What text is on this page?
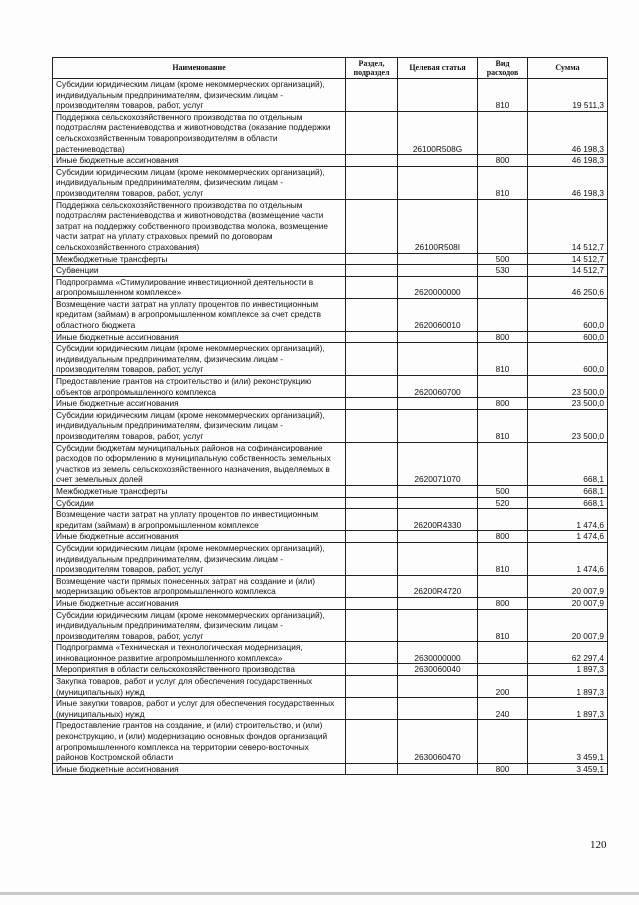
Наименование	Раздел, подраздел	Целевая статья	Вид расходов	Сумма
Субсидии юридическим лицам (кроме некоммерческих организаций), индивидуальным предпринимателям, физическим лицам - производителям товаров, работ, услуг			810	19 511,3
Поддержка сельскохозяйственного производства по отдельным подотраслям растениеводства и животноводства (оказание поддержки сельскохозяйственным товаропроизводителям в области растениеводства)		26100R508G		46 198,3
Иные бюджетные ассигнования			800	46 198,3
Субсидии юридическим лицам (кроме некоммерческих организаций), индивидуальным предпринимателям, физическим лицам - производителям товаров, работ, услуг			810	46 198,3
Поддержка сельскохозяйственного производства по отдельным подотраслям растениеводства и животноводства (возмещение части затрат на поддержку собственного производства молока, возмещение части затрат на уплату страховых премий по договорам сельскохозяйственного страхования)		26100R508I		14 512,7
Межбюджетные трансферты			500	14 512,7
Субвенции			530	14 512,7
Подпрограмма «Стимулирование инвестиционной деятельности в агропромышленном комплексе»		2620000000		46 250,6
Возмещение части затрат на уплату процентов по инвестиционным кредитам (займам) в агропромышленном комплексе за счет средств областного бюджета		2620060010		600,0
Иные бюджетные ассигнования			800	600,0
Субсидии юридическим лицам (кроме некоммерческих организаций), индивидуальным предпринимателям, физическим лицам - производителям товаров, работ, услуг			810	600,0
Предоставление грантов на строительство и (или) реконструкцию объектов агропромышленного комплекса		2620060700		23 500,0
Иные бюджетные ассигнования			800	23 500,0
Субсидии юридическим лицам (кроме некоммерческих организаций), индивидуальным предпринимателям, физическим лицам - производителям товаров, работ, услуг			810	23 500,0
Субсидии бюджетам муниципальных районов на софинансирование расходов по оформлению в муниципальную собственность земельных участков из земель сельскохозяйственного назначения, выделяемых в счет земельных долей		2620071070		668,1
Межбюджетные трансферты			500	668,1
Субсидии			520	668,1
Возмещение части затрат на уплату процентов по инвестиционным кредитам (займам) в агропромышленном комплексе		26200R4330		1 474,6
Иные бюджетные ассигнования			800	1 474,6
Субсидии юридическим лицам (кроме некоммерческих организаций), индивидуальным предпринимателям, физическим лицам - производителям товаров, работ, услуг			810	1 474,6
Возмещение части прямых понесенных затрат на создание и (или) модернизацию объектов агропромышленного комплекса		26200R4720		20 007,9
Иные бюджетные ассигнования			800	20 007,9
Субсидии юридическим лицам (кроме некоммерческих организаций), индивидуальным предпринимателям, физическим лицам - производителям товаров, работ, услуг			810	20 007,9
Подпрограмма «Техническая и технологическая модернизация, инновационное развитие агропромышленного комплекса»		2630000000		62 297,4
Мероприятия в области сельскохозяйственного производства		2630060040		1 897,3
Закупка товаров, работ и услуг для обеспечения государственных (муниципальных) нужд			200	1 897,3
Иные закупки товаров, работ и услуг для обеспечения государственных (муниципальных) нужд			240	1 897,3
Предоставление грантов на создание, и (или) строительство, и (или) реконструкцию, и (или) модернизацию основных фондов организаций агропромышленного комплекса на территории северо-восточных районов Костромской области		2630060470		3 459,1
Иные бюджетные ассигнования			800	3 459,1
120
